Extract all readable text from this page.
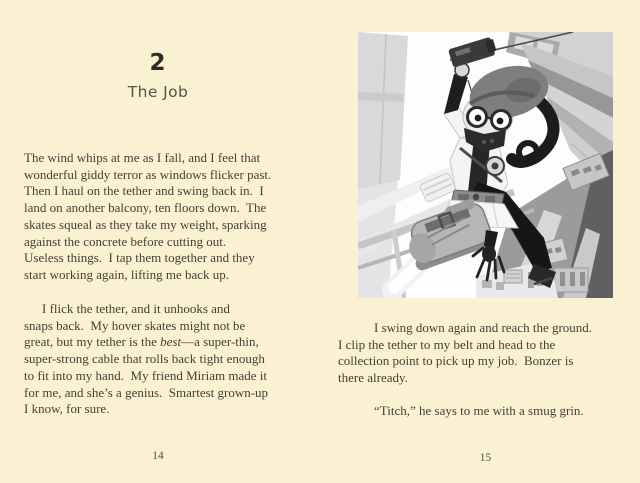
2
The Job
The wind whips at me as I fall, and I feel that
wonderful giddy terror as windows flicker past.
Then I haul on the tether and swing back in.  I
land on another balcony, ten floors down.  The
skates squeal as they take my weight, sparking
against the concrete before cutting out.
Useless things.  I tap them together and they
start working again, lifting me back up.
I flick the tether, and it unhooks and
snaps back.  My hover skates might not be
great, but my tether is the best—a super-thin,
super-strong cable that rolls back tight enough
to fit into my hand.  My friend Miriam made it
for me, and she’s a genius.  Smartest grown-up
I know, for sure.
14
I swing down again and reach the ground.
I clip the tether to my belt and head to the
collection point to pick up my job.  Bonzer is
there already.
“Titch,” he says to me with a smug grin.
15
